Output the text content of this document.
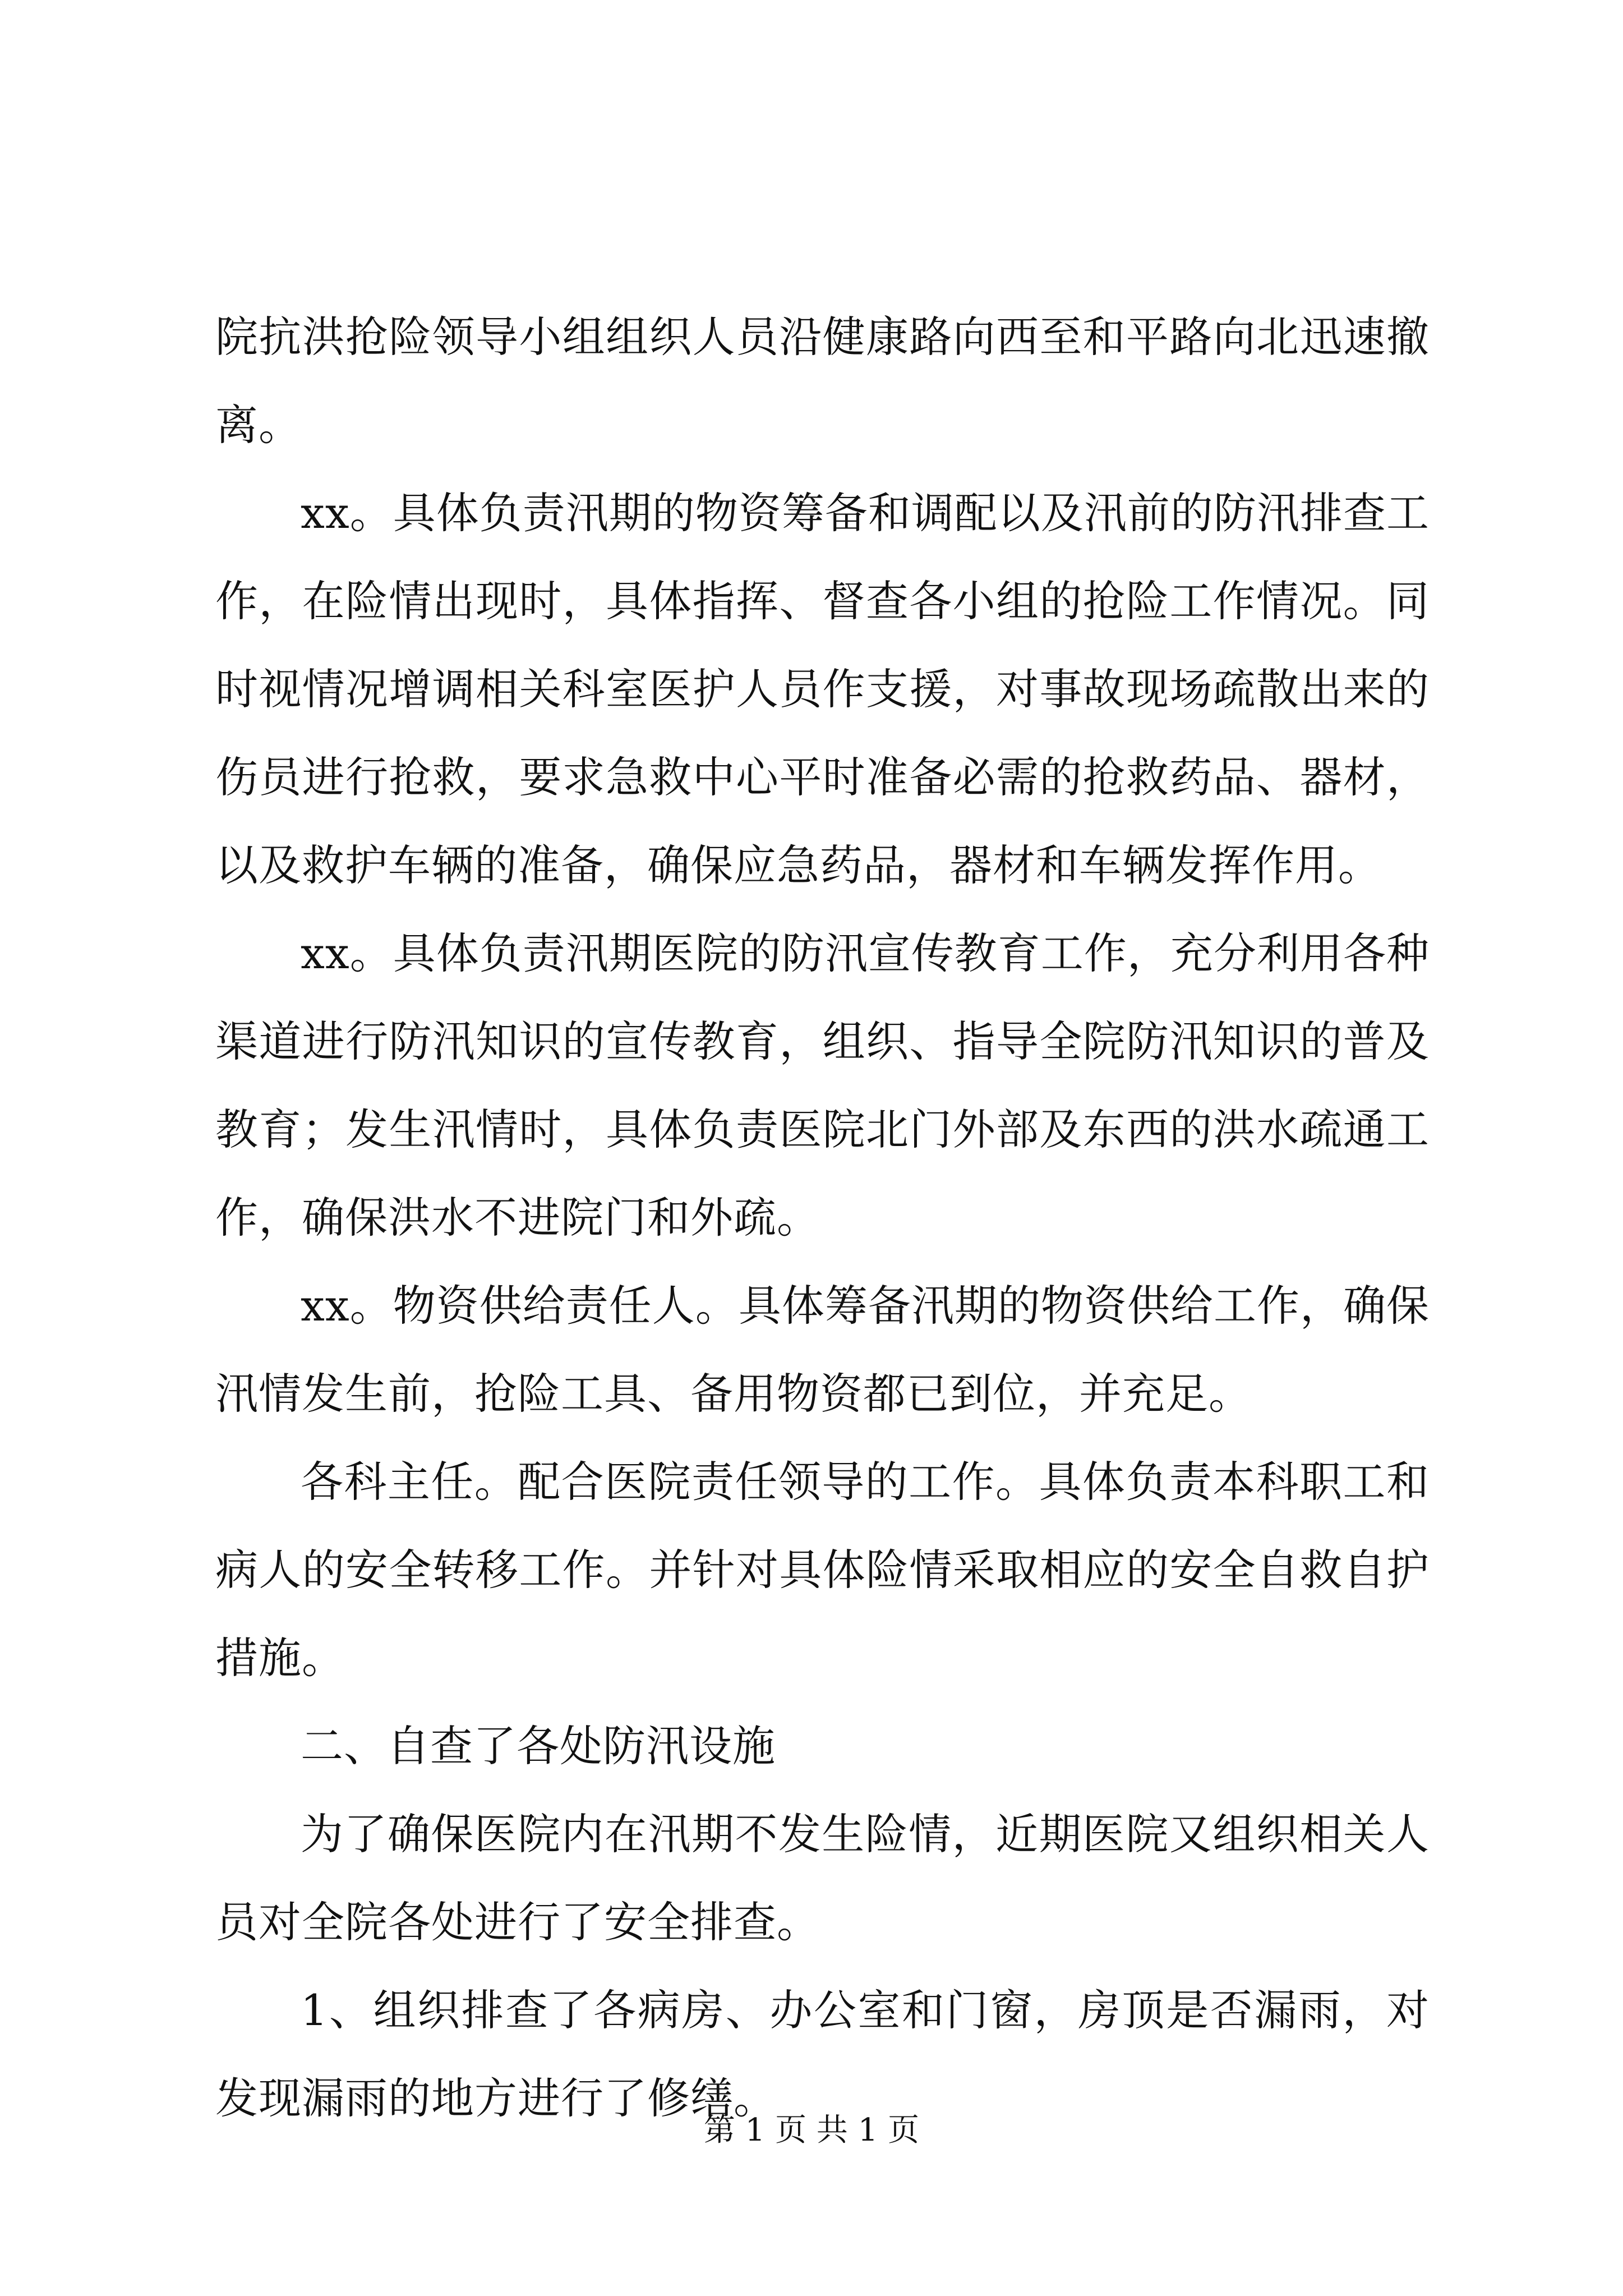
院抗洪抢险领导小组组织人员沿健康路向西至和平路向北迅速撤离。

xx。具体负责汛期的物资筹备和调配以及汛前的防汛排查工作，在险情出现时，具体指挥、督查各小组的抢险工作情况。同时视情况增调相关科室医护人员作支援，对事故现场疏散出来的伤员进行抢救，要求急救中心平时准备必需的抢救药品、器材，以及救护车辆的准备，确保应急药品，器材和车辆发挥作用。

xx。具体负责汛期医院的防汛宣传教育工作，充分利用各种渠道进行防汛知识的宣传教育，组织、指导全院防汛知识的普及教育；发生汛情时，具体负责医院北门外部及东西的洪水疏通工作，确保洪水不进院门和外疏。

xx。物资供给责任人。具体筹备汛期的物资供给工作，确保汛情发生前，抢险工具、备用物资都已到位，并充足。

各科主任。配合医院责任领导的工作。具体负责本科职工和病人的安全转移工作。并针对具体险情采取相应的安全自救自护措施。

二、自查了各处防汛设施

为了确保医院内在汛期不发生险情，近期医院又组织相关人员对全院各处进行了安全排查。

1、组织排查了各病房、办公室和门窗，房顶是否漏雨，对发现漏雨的地方进行了修缮。

第 1 页 共 1 页
